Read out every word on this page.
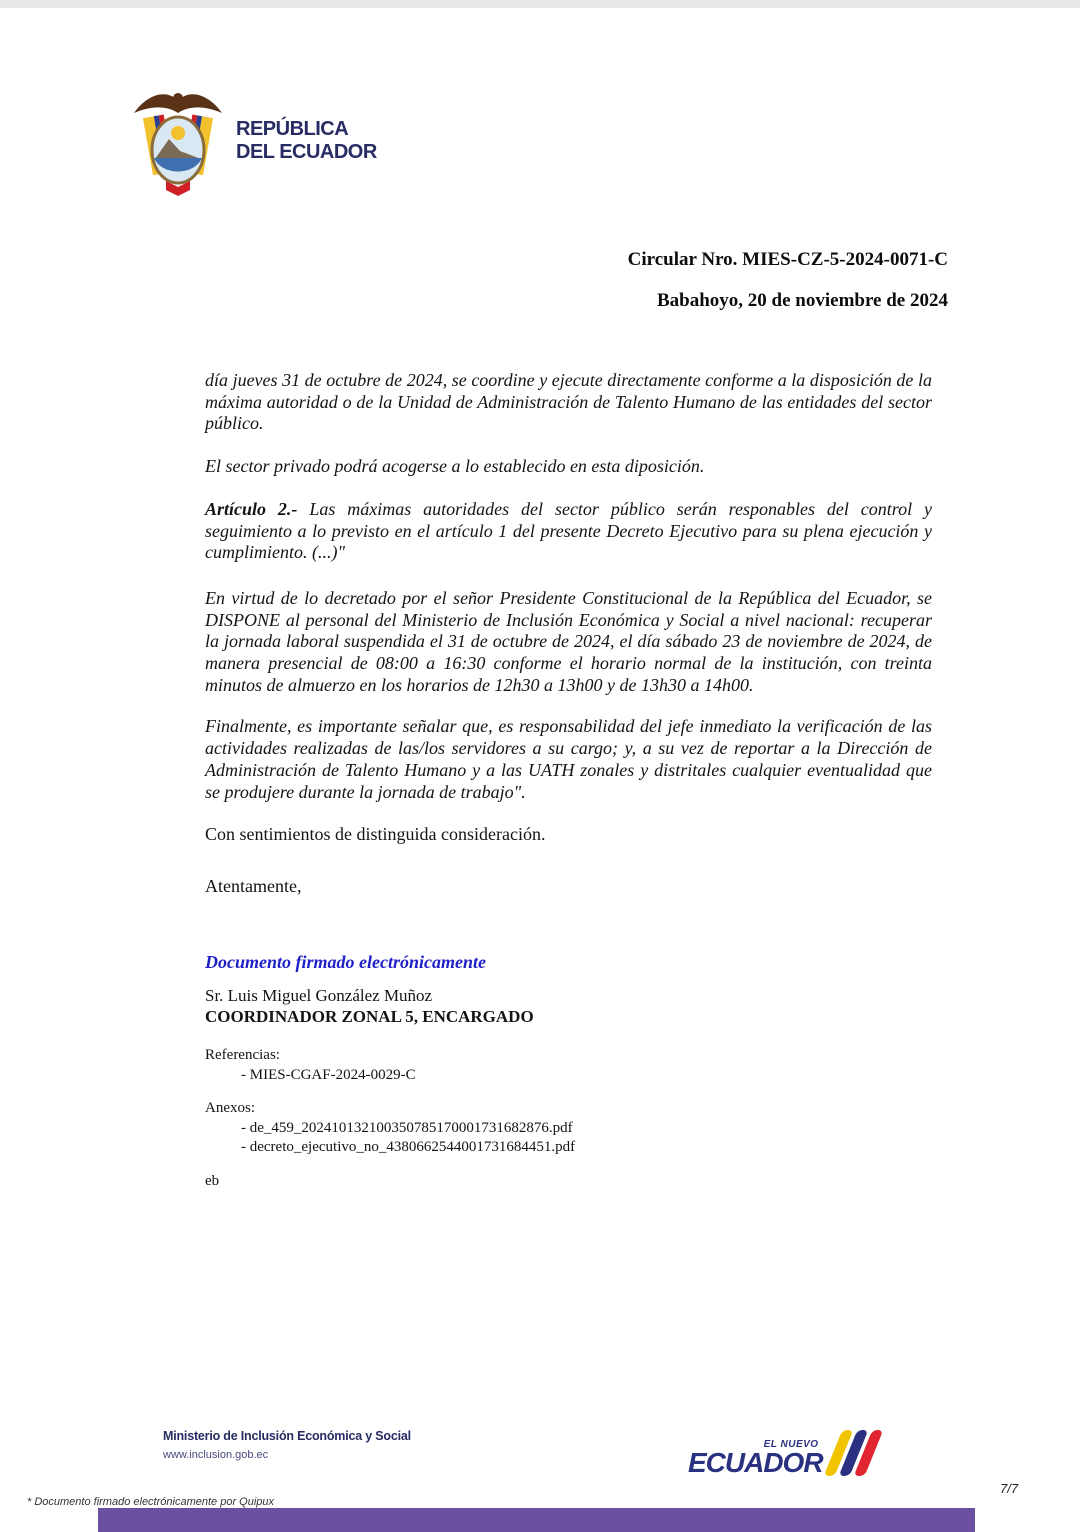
REPÚBLICA
DEL ECUADOR
Circular Nro. MIES-CZ-5-2024-0071-C
Babahoyo, 20 de noviembre de 2024

día jueves 31 de octubre de 2024, se coordine y ejecute directamente conforme a la disposición de la máxima autoridad o de la Unidad de Administración de Talento Humano de las entidades del sector público.

El sector privado podrá acogerse a lo establecido en esta diposición.

Artículo 2.- Las máximas autoridades del sector público serán responables del control y seguimiento a lo previsto en el artículo 1 del presente Decreto Ejecutivo para su plena ejecución y cumplimiento. (...)"

En virtud de lo decretado por el señor Presidente Constitucional de la República del Ecuador, se DISPONE al personal del Ministerio de Inclusión Económica y Social a nivel nacional: recuperar la jornada laboral suspendida el 31 de octubre de 2024, el día sábado 23 de noviembre de 2024, de manera presencial de 08:00 a 16:30 conforme el horario normal de la institución, con treinta minutos de almuerzo en los horarios de 12h30 a 13h00 y de 13h30 a 14h00.

Finalmente, es importante señalar que, es responsabilidad del jefe inmediato la verificación de las actividades realizadas de las/los servidores a su cargo; y, a su vez de reportar a la Dirección de Administración de Talento Humano y a las UATH zonales y distritales cualquier eventualidad que se produjere durante la jornada de trabajo".

Con sentimientos de distinguida consideración.

Atentamente,

Documento firmado electrónicamente
Sr. Luis Miguel González Muñoz
COORDINADOR ZONAL 5, ENCARGADO
Referencias:
- MIES-CGAF-2024-0029-C
Anexos:
- de_459_202410132100350785170001731682876.pdf
- decreto_ejecutivo_no_4380662544001731684451.pdf
eb
Ministerio de Inclusión Económica y Social
www.inclusion.gob.ec
EL NUEVO
ECUADOR
* Documento firmado electrónicamente por Quipux
7/7
